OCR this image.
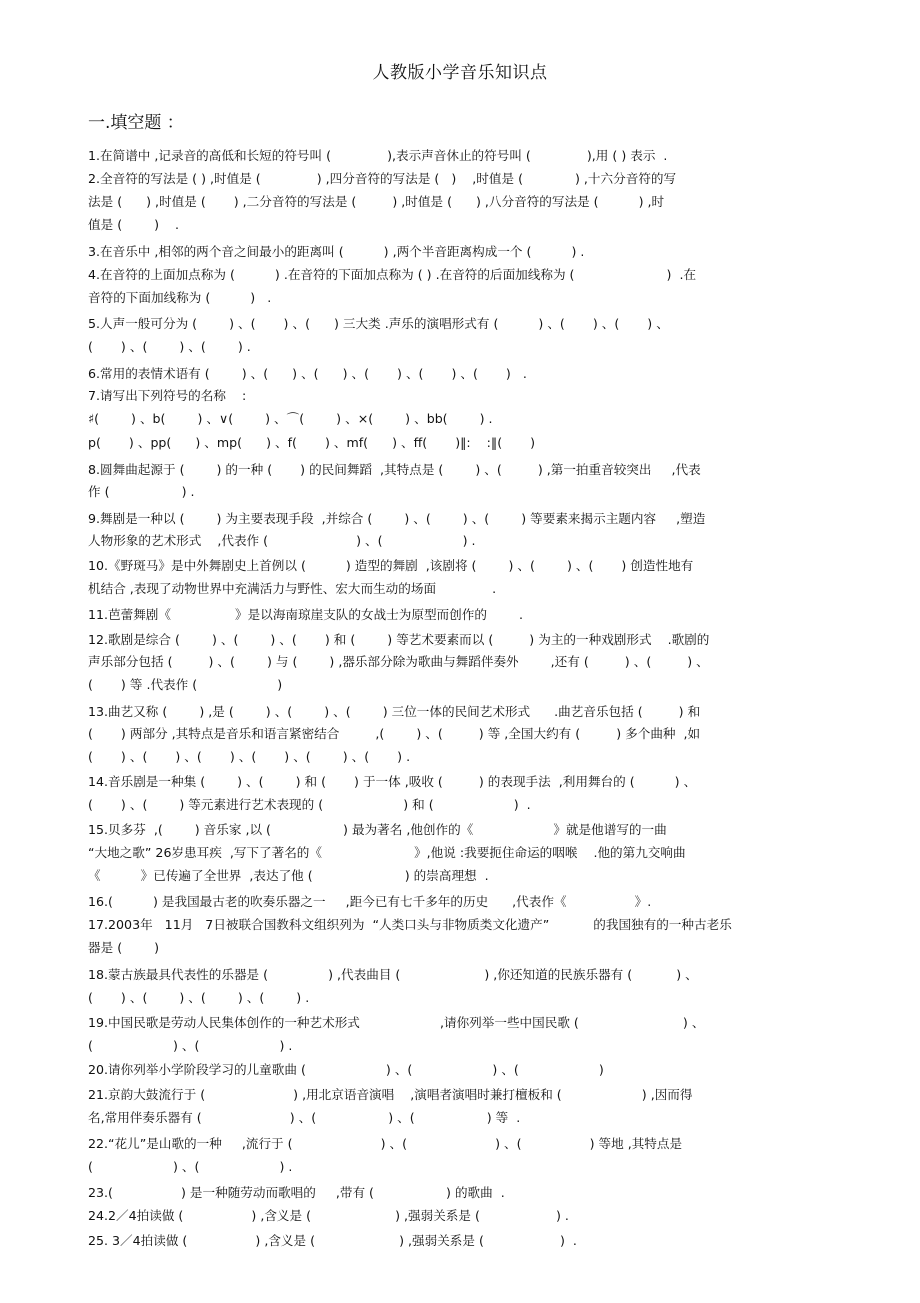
人教版小学音乐知识点
一.填空题 ：
1.在简谱中 ,记录音的高低和长短的符号叫 (              ),表示声音休止的符号叫 (              ),用 ( ) 表示  .
2.全音符的写法是 ( ) ,时值是 (              ) ,四分音符的写法是 (   )    ,时值是 (             ) ,十六分音符的写
法是 (      ) ,时值是 (       ) ,二分音符的写法是 (         ) ,时值是 (      ) ,八分音符的写法是 (          ) ,时
值是 (        )    .
3.在音乐中 ,相邻的两个音之间最小的距离叫 (          ) ,两个半音距离构成一个 (          ) .
4.在音符的上面加点称为 (          ) .在音符的下面加点称为 ( ) .在音符的后面加线称为 (                       )  .在
音符的下面加线称为 (          )   .
5.人声一般可分为 (        ) 、(       ) 、(      ) 三大类 .声乐的演唱形式有 (          ) 、(       ) 、(       ) 、
(       ) 、(        ) 、(        ) .
6.常用的表情术语有 (        ) 、(      ) 、(      ) 、(       ) 、(       ) 、(       )   .
7.请写出下列符号的名称    :
♯(        ) 、b(        ) 、∨(        ) 、⌒(        ) 、×(        ) 、bb(        ) .
p(       ) 、pp(      ) 、mp(      ) 、f(       ) 、mf(      ) 、ff(       )‖:    :‖(       )
8.圆舞曲起源于 (        ) 的一种 (       ) 的民间舞蹈  ,其特点是 (        ) 、(         ) ,第一拍重音较突出     ,代表
作 (                  ) .
9.舞剧是一种以 (        ) 为主要表现手段  ,并综合 (        ) 、(        ) 、(        ) 等要素来揭示主题内容     ,塑造
人物形象的艺术形式    ,代表作 (                      ) 、(                    ) .
10.《野斑马》是中外舞剧史上首例以 (          ) 造型的舞剧  ,该剧将 (        ) 、(        ) 、(       ) 创造性地有
机结合 ,表现了动物世界中充满活力与野性、宏大而生动的场面              .
11.芭蕾舞剧《                》是以海南琼崖支队的女战士为原型而创作的        .
12.歌剧是综合 (        ) 、(        ) 、(       ) 和 (        ) 等艺术要素而以 (         ) 为主的一种戏剧形式    .歌剧的
声乐部分包括 (         ) 、(        ) 与 (        ) ,器乐部分除为歌曲与舞蹈伴奏外        ,还有 (         ) 、(         ) 、
(       ) 等 .代表作 (                    )
13.曲艺又称 (        ) ,是 (        ) 、(        ) 、(        ) 三位一体的民间艺术形式      .曲艺音乐包括 (         ) 和
(       ) 两部分 ,其特点是音乐和语言紧密结合         ,(        ) 、(         ) 等 ,全国大约有 (         ) 多个曲种  ,如
(       ) 、(       ) 、(       ) 、(       ) 、(        ) 、(       ) .
14.音乐剧是一种集 (        ) 、(        ) 和 (       ) 于一体 ,吸收 (         ) 的表现手法  ,利用舞台的 (          ) 、
(       ) 、(        ) 等元素进行艺术表现的 (                    ) 和 (                    )  .
15.贝多芬  ,(        ) 音乐家 ,以 (                  ) 最为著名 ,他创作的《                    》就是他谱写的一曲
“大地之歌” 26岁患耳疾  ,写下了著名的《                       》,他说 :我要扼住命运的咽喉    .他的第九交响曲
《          》已传遍了全世界  ,表达了他 (                       ) 的崇高理想  .
16.(          ) 是我国最古老的吹奏乐器之一     ,距今已有七千多年的历史      ,代表作《                 》.
17.2003年   11月   7日被联合国教科文组织列为  “人类口头与非物质类文化遗产”           的我国独有的一种古老乐
器是 (        )
18.蒙古族最具代表性的乐器是 (               ) ,代表曲目 (                     ) ,你还知道的民族乐器有 (           ) 、
(       ) 、(        ) 、(        ) 、(        ) .
19.中国民歌是劳动人民集体创作的一种艺术形式                    ,请你列举一些中国民歌 (                          ) 、
(                    ) 、(                    ) .
20.请你列举小学阶段学习的儿童歌曲 (                    ) 、(                    ) 、(                    )
21.京韵大鼓流行于 (                      ) ,用北京语音演唱    ,演唱者演唱时兼打檀板和 (                    ) ,因而得
名,常用伴奏乐器有 (                      ) 、(                  ) 、(                  ) 等  .
22.“花儿”是山歌的一种     ,流行于 (                      ) 、(                      ) 、(                 ) 等地 ,其特点是
(                    ) 、(                    ) .
23.(                 ) 是一种随劳动而歌唱的     ,带有 (                  ) 的歌曲  .
24.2／4拍读做 (                 ) ,含义是 (                     ) ,强弱关系是 (                   ) .
25. 3／4拍读做 (                 ) ,含义是 (                     ) ,强弱关系是 (                   )  .
